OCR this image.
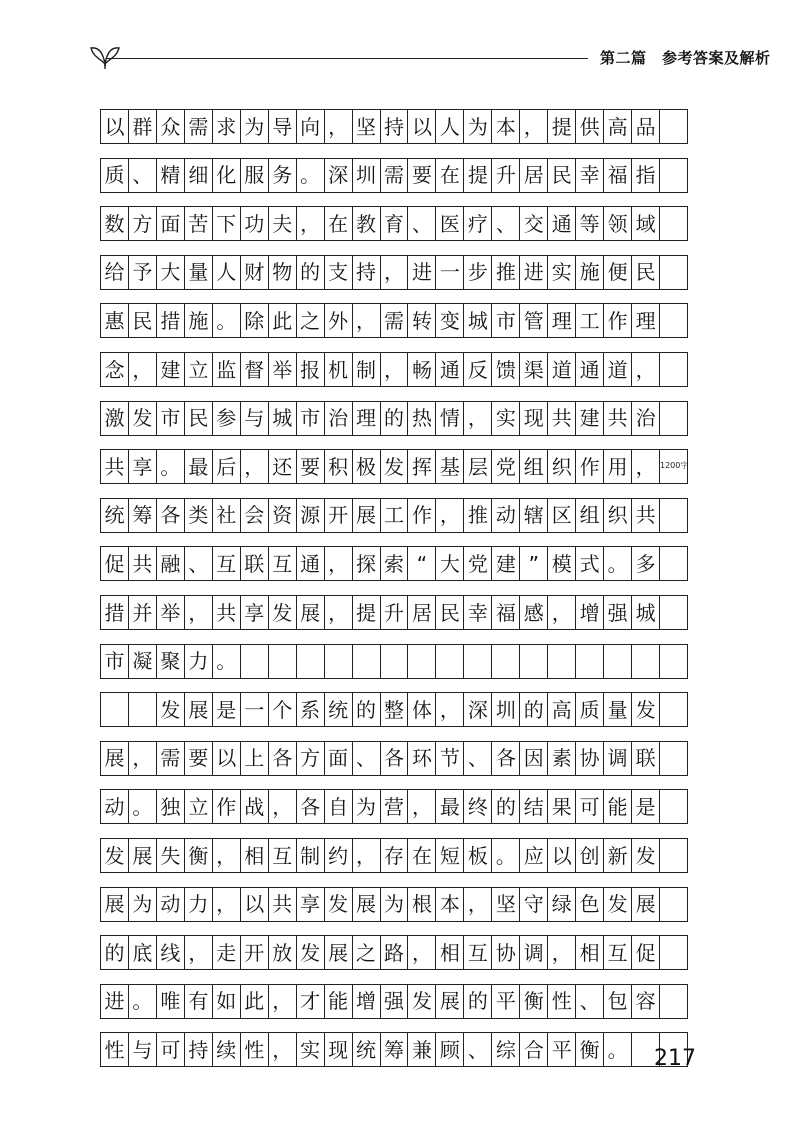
第二篇　参考答案及解析
以 群 众 需 求 为 导 向 ， 坚 持 以 人 为 本 ， 提 供 高 品
质 、 精 细 化 服 务 。 深 圳 需 要 在 提 升 居 民 幸 福 指
数 方 面 苦 下 功 夫 ， 在 教 育 、 医 疗 、 交 通 等 领 域
给 予 大 量 人 财 物 的 支 持 ， 进 一 步 推 进 实 施 便 民
惠 民 措 施 。 除 此 之 外 ， 需 转 变 城 市 管 理 工 作 理
念 ， 建 立 监 督 举 报 机 制 ， 畅 通 反 馈 渠 道 通 道 ，
激 发 市 民 参 与 城 市 治 理 的 热 情 ， 实 现 共 建 共 治
共 享 。 最 后 ， 还 要 积 极 发 挥 基 层 党 组 织 作 用 ，
统 筹 各 类 社 会 资 源 开 展 工 作 ， 推 动 辖 区 组 织 共
促 共 融 、 互 联 互 通 ， 探 索 “ 大 党 建 ” 模 式 。 多
措 并 举 ， 共 享 发 展 ， 提 升 居 民 幸 福 感 ， 增 强 城
市 凝 聚 力 。
发 展 是 一 个 系 统 的 整 体 ， 深 圳 的 高 质 量 发
展 ， 需 要 以 上 各 方 面 、 各 环 节 、 各 因 素 协 调 联
动 。 独 立 作 战 ， 各 自 为 营 ， 最 终 的 结 果 可 能 是
发 展 失 衡 ， 相 互 制 约 ， 存 在 短 板 。 应 以 创 新 发
展 为 动 力 ， 以 共 享 发 展 为 根 本 ， 坚 守 绿 色 发 展
的 底 线 ， 走 开 放 发 展 之 路 ， 相 互 协 调 ， 相 互 促
进 。 唯 有 如 此 ， 才 能 增 强 发 展 的 平 衡 性 、 包 容
性 与 可 持 续 性 ， 实 现 统 筹 兼 顾 、 综 合 平 衡 。
1200字
217
